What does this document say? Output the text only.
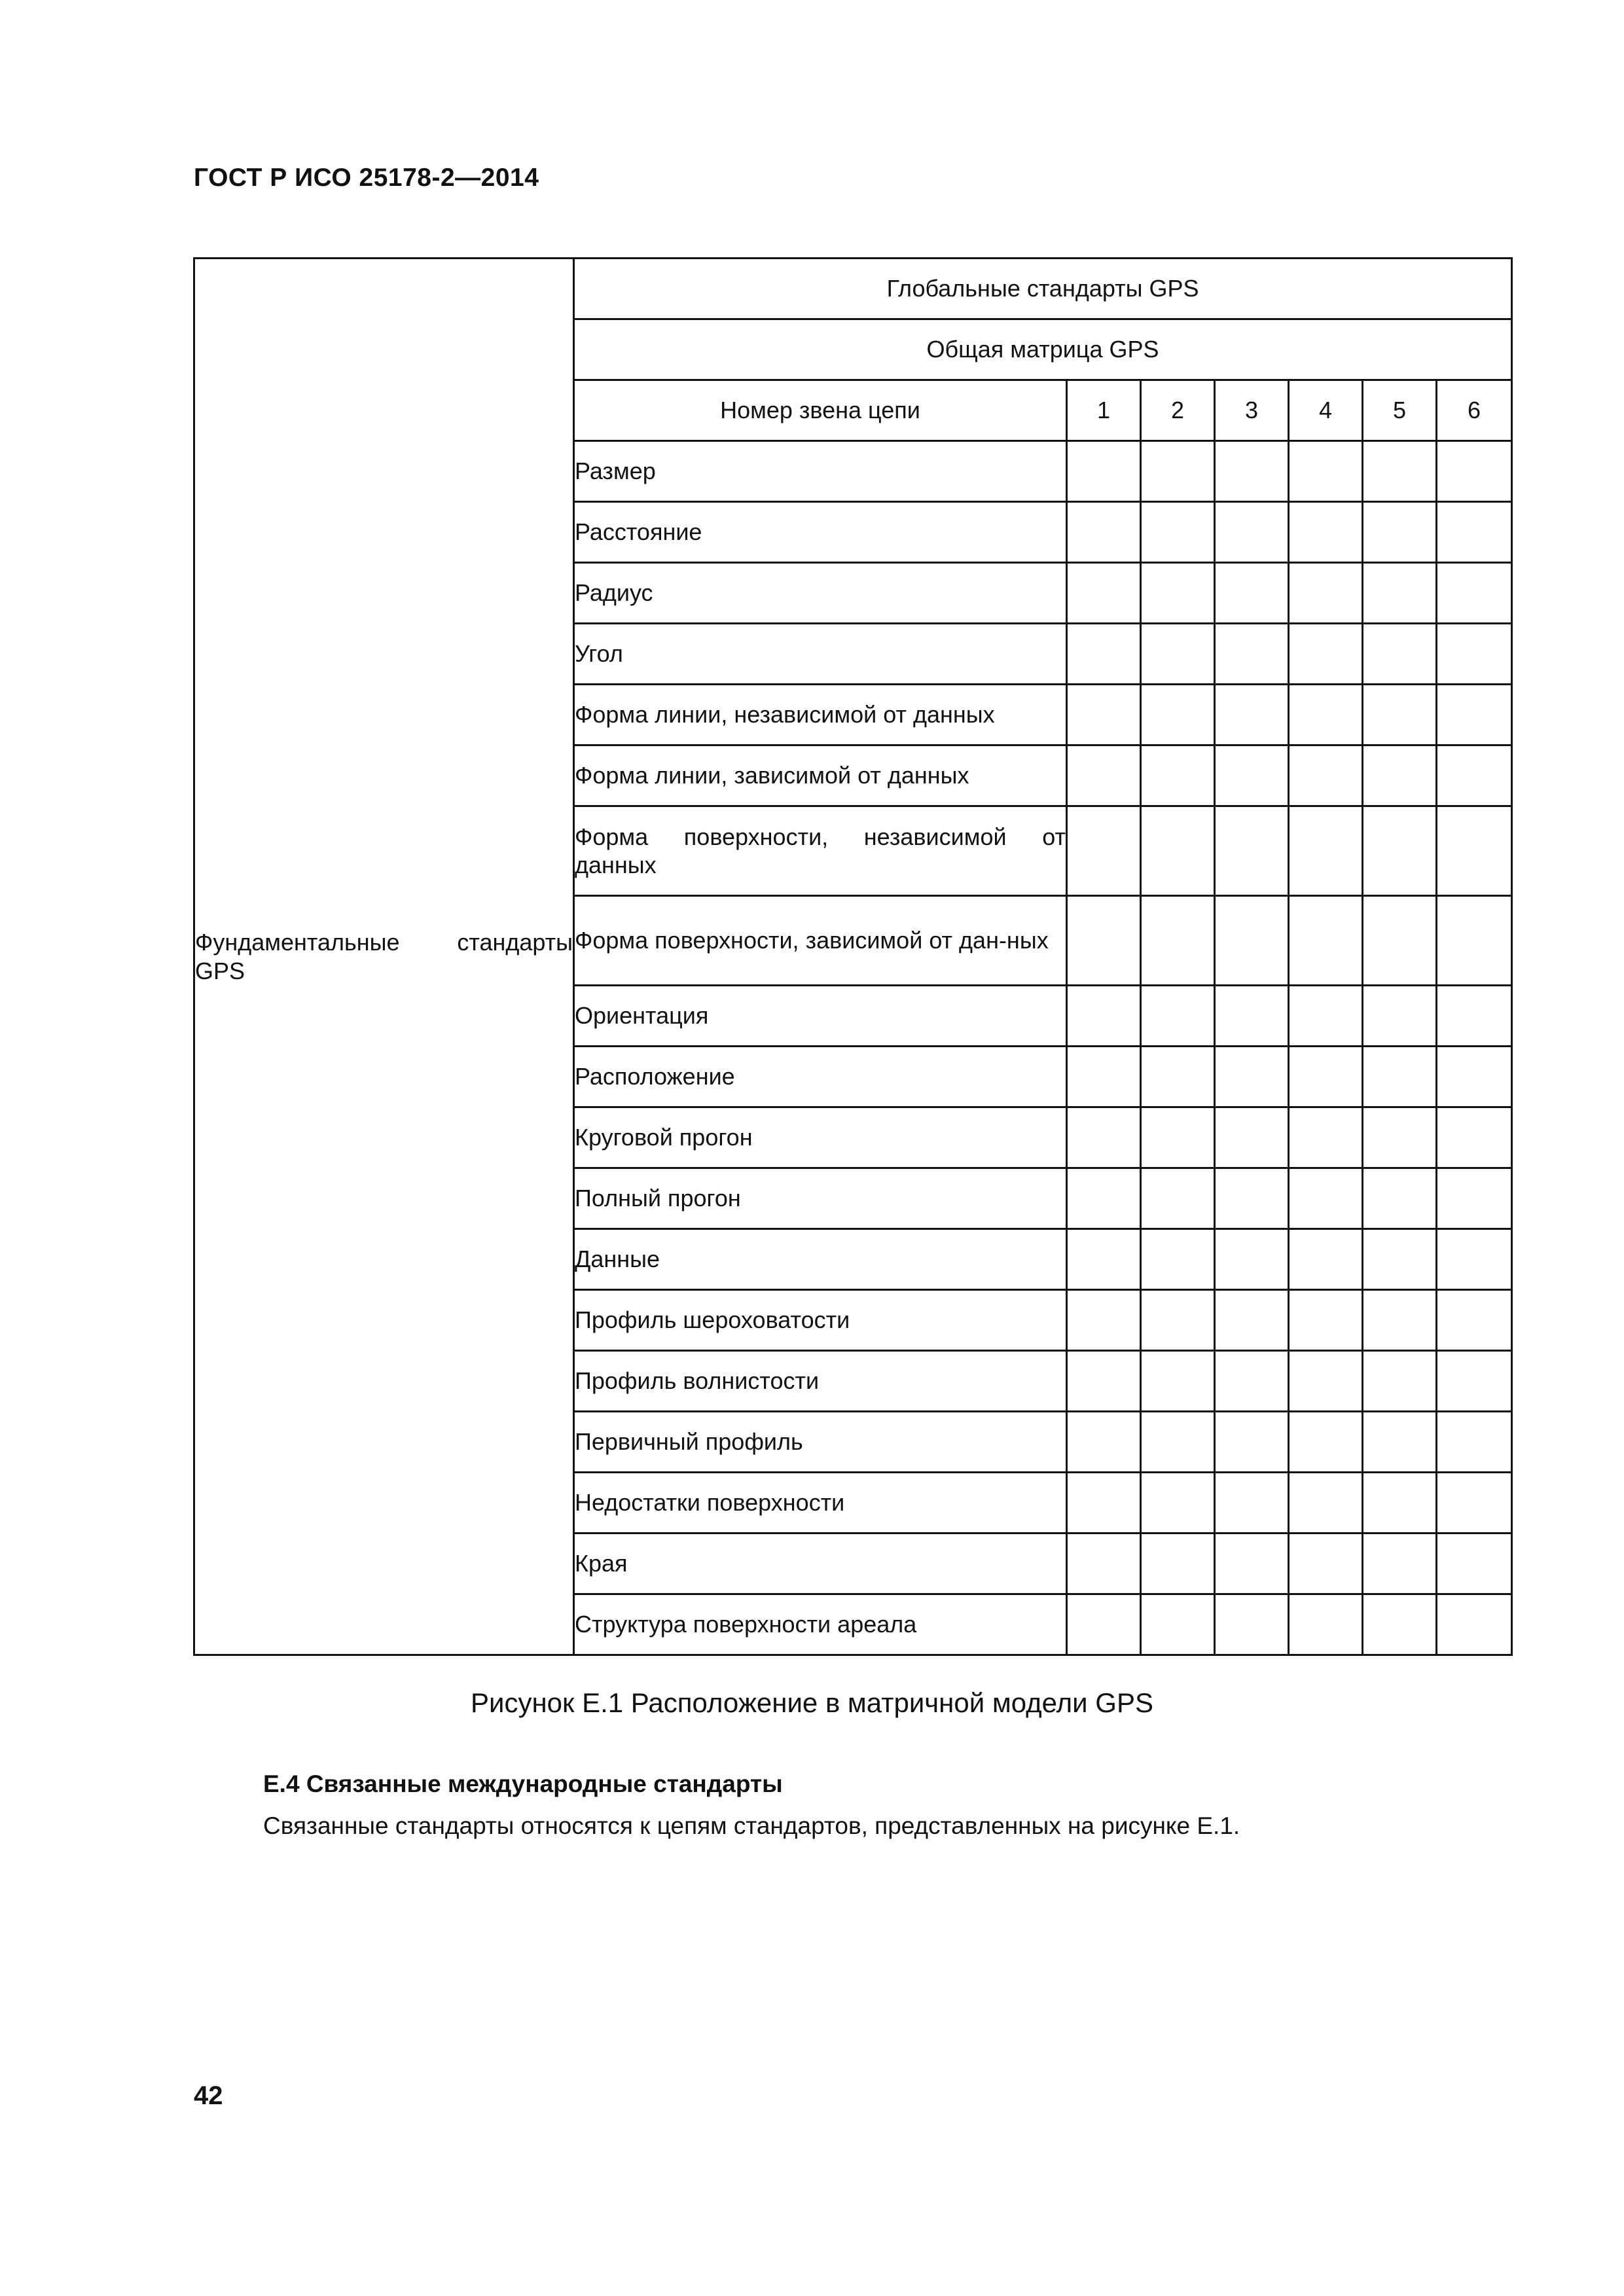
ГОСТ Р ИСО 25178-2—2014
Фундаментальные стандарты GPS	Глобальные стандарты GPS						
	Общая матрица GPS						
	Номер звена цепи	1	2	3	4	5	6
	Размер						
	Расстояние						
	Радиус						
	Угол						
	Форма линии, независимой от данных						
	Форма линии, зависимой от данных						
	Форма поверхности, независимой от данных						
	Форма поверхности, зависимой от дан-ных						
	Ориентация						
	Расположение						
	Круговой прогон						
	Полный прогон						
	Данные						
	Профиль шероховатости						
	Профиль волнистости						
	Первичный профиль						
	Недостатки поверхности						
	Края						
	Структура поверхности ареала						
Рисунок Е.1 Расположение в матричной модели GPS
Е.4 Связанные международные стандарты
Связанные стандарты относятся к цепям стандартов, представленных на рисунке Е.1.
42
